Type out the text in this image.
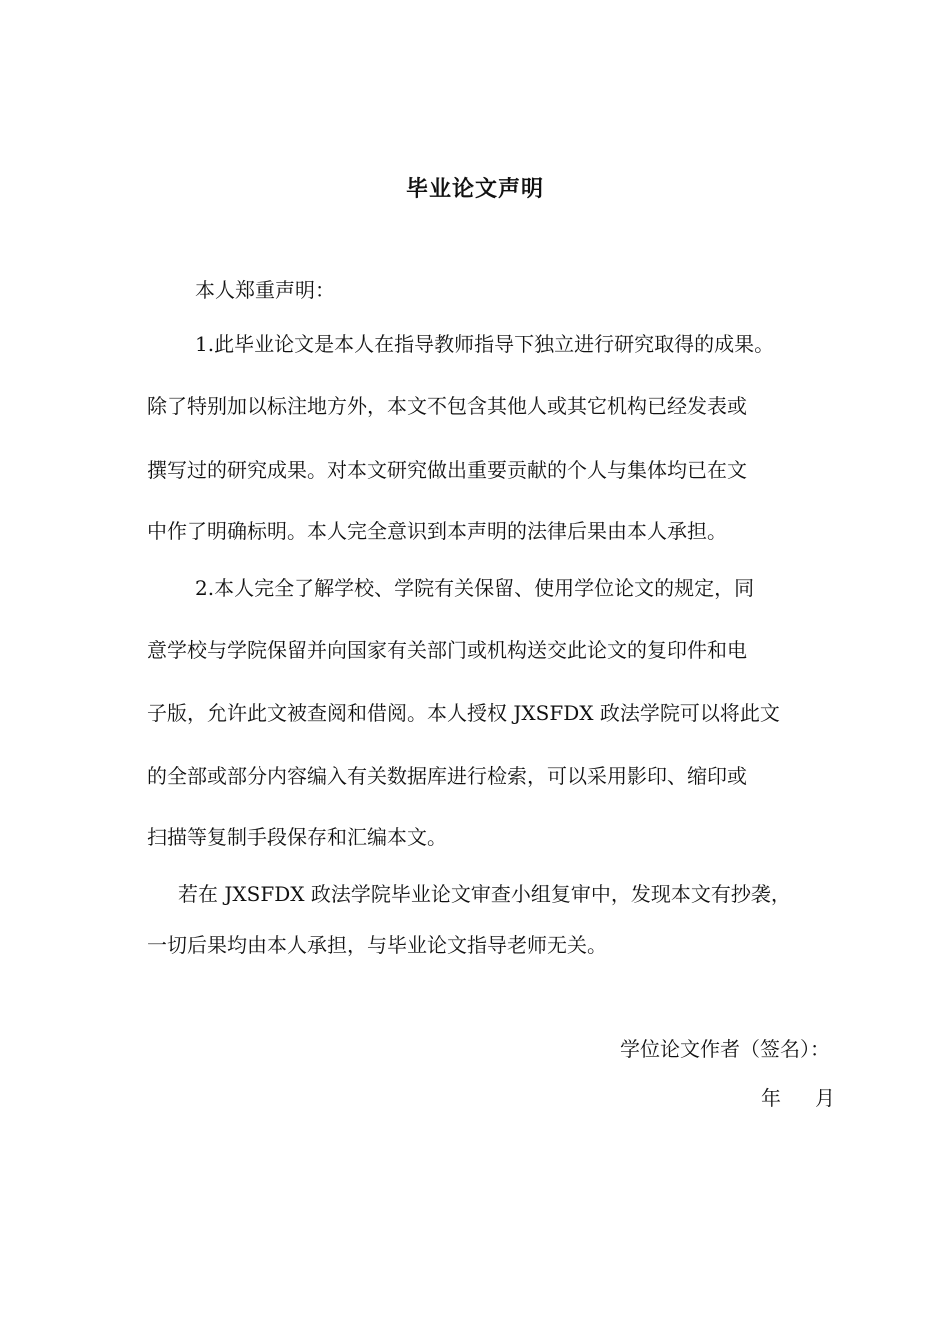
毕业论文声明
本人郑重声明：
1.此毕业论文是本人在指导教师指导下独立进行研究取得的成果。
除了特别加以标注地方外，本文不包含其他人或其它机构已经发表或
撰写过的研究成果。对本文研究做出重要贡献的个人与集体均已在文
中作了明确标明。本人完全意识到本声明的法律后果由本人承担。
2.本人完全了解学校、学院有关保留、使用学位论文的规定，同
意学校与学院保留并向国家有关部门或机构送交此论文的复印件和电
子版，允许此文被查阅和借阅。本人授权 JXSFDX 政法学院可以将此文
的全部或部分内容编入有关数据库进行检索，可以采用影印、缩印或
扫描等复制手段保存和汇编本文。
若在 JXSFDX 政法学院毕业论文审查小组复审中，发现本文有抄袭，
一切后果均由本人承担，与毕业论文指导老师无关。
学位论文作者（签名）：
年 月
